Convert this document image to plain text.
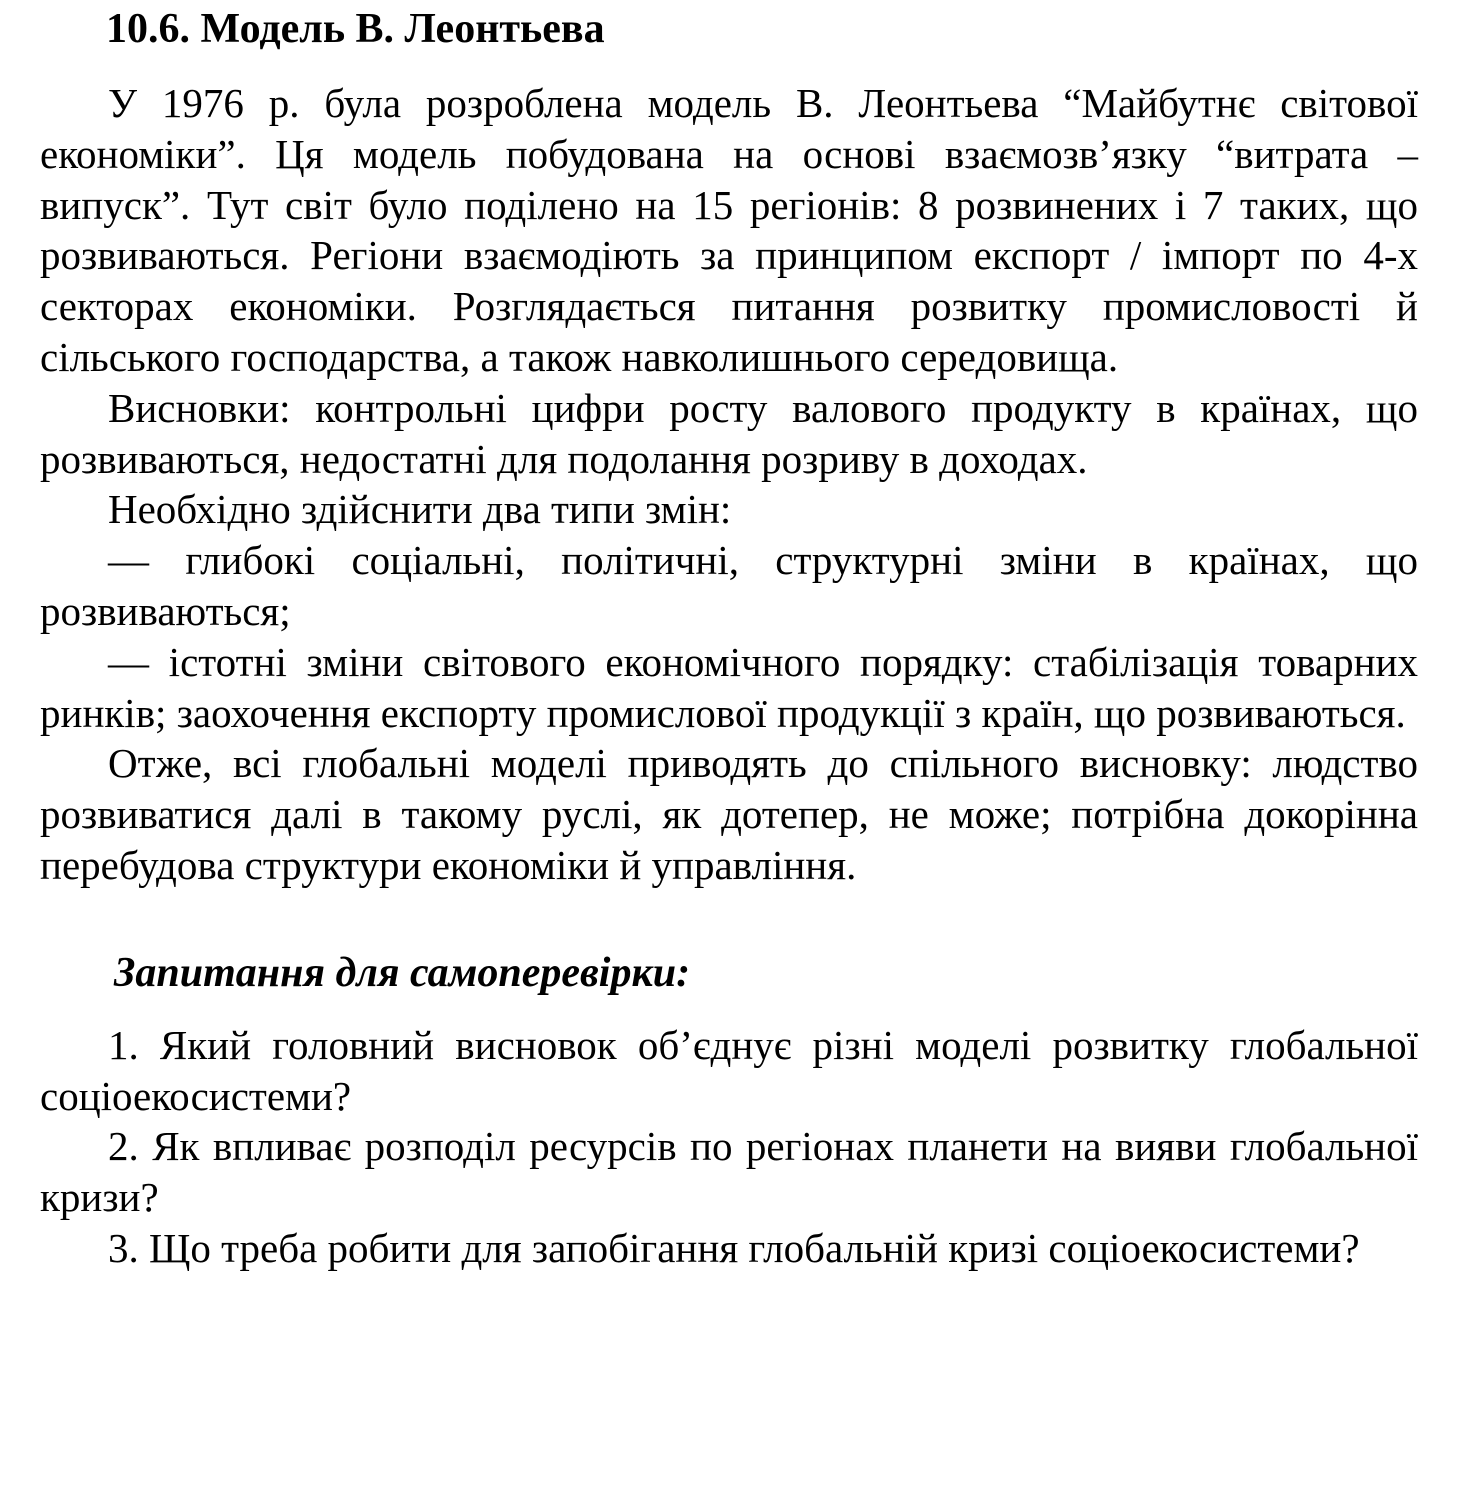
10.6. Модель В. Леонтьева

У 1976 р. була розроблена модель В. Леонтьева “Майбутнє світової економіки”. Ця модель побудована на основі взаємозв’язку “витрата – випуск”. Тут світ було поділено на 15 регіонів: 8 розвинених і 7 таких, що розвиваються. Регіони взаємодіють за принципом експорт / імпорт по 4-х секторах економіки. Розглядається питання розвитку промисловості й сільського господарства, а також навколишнього середовища.

Висновки: контрольні цифри росту валового продукту в країнах, що розвиваються, недостатні для подолання розриву в доходах.

Необхідно здійснити два типи змін:

— глибокі соціальні, політичні, структурні зміни в країнах, що розвиваються;

— істотні зміни світового економічного порядку: стабілізація товарних ринків; заохочення експорту промислової продукції з країн, що розвиваються.

Отже, всі глобальні моделі приводять до спільного висновку: людство розвиватися далі в такому руслі, як дотепер, не може; потрібна докорінна перебудова структури економіки й управління.

Запитання для самоперевірки:

1. Який головний висновок об’єднує різні моделі розвитку глобальної соціоекосистеми?

2. Як впливає розподіл ресурсів по регіонах планети на вияви глобальної кризи?

3. Що треба робити для запобігання глобальній кризі соціоекосистеми?
